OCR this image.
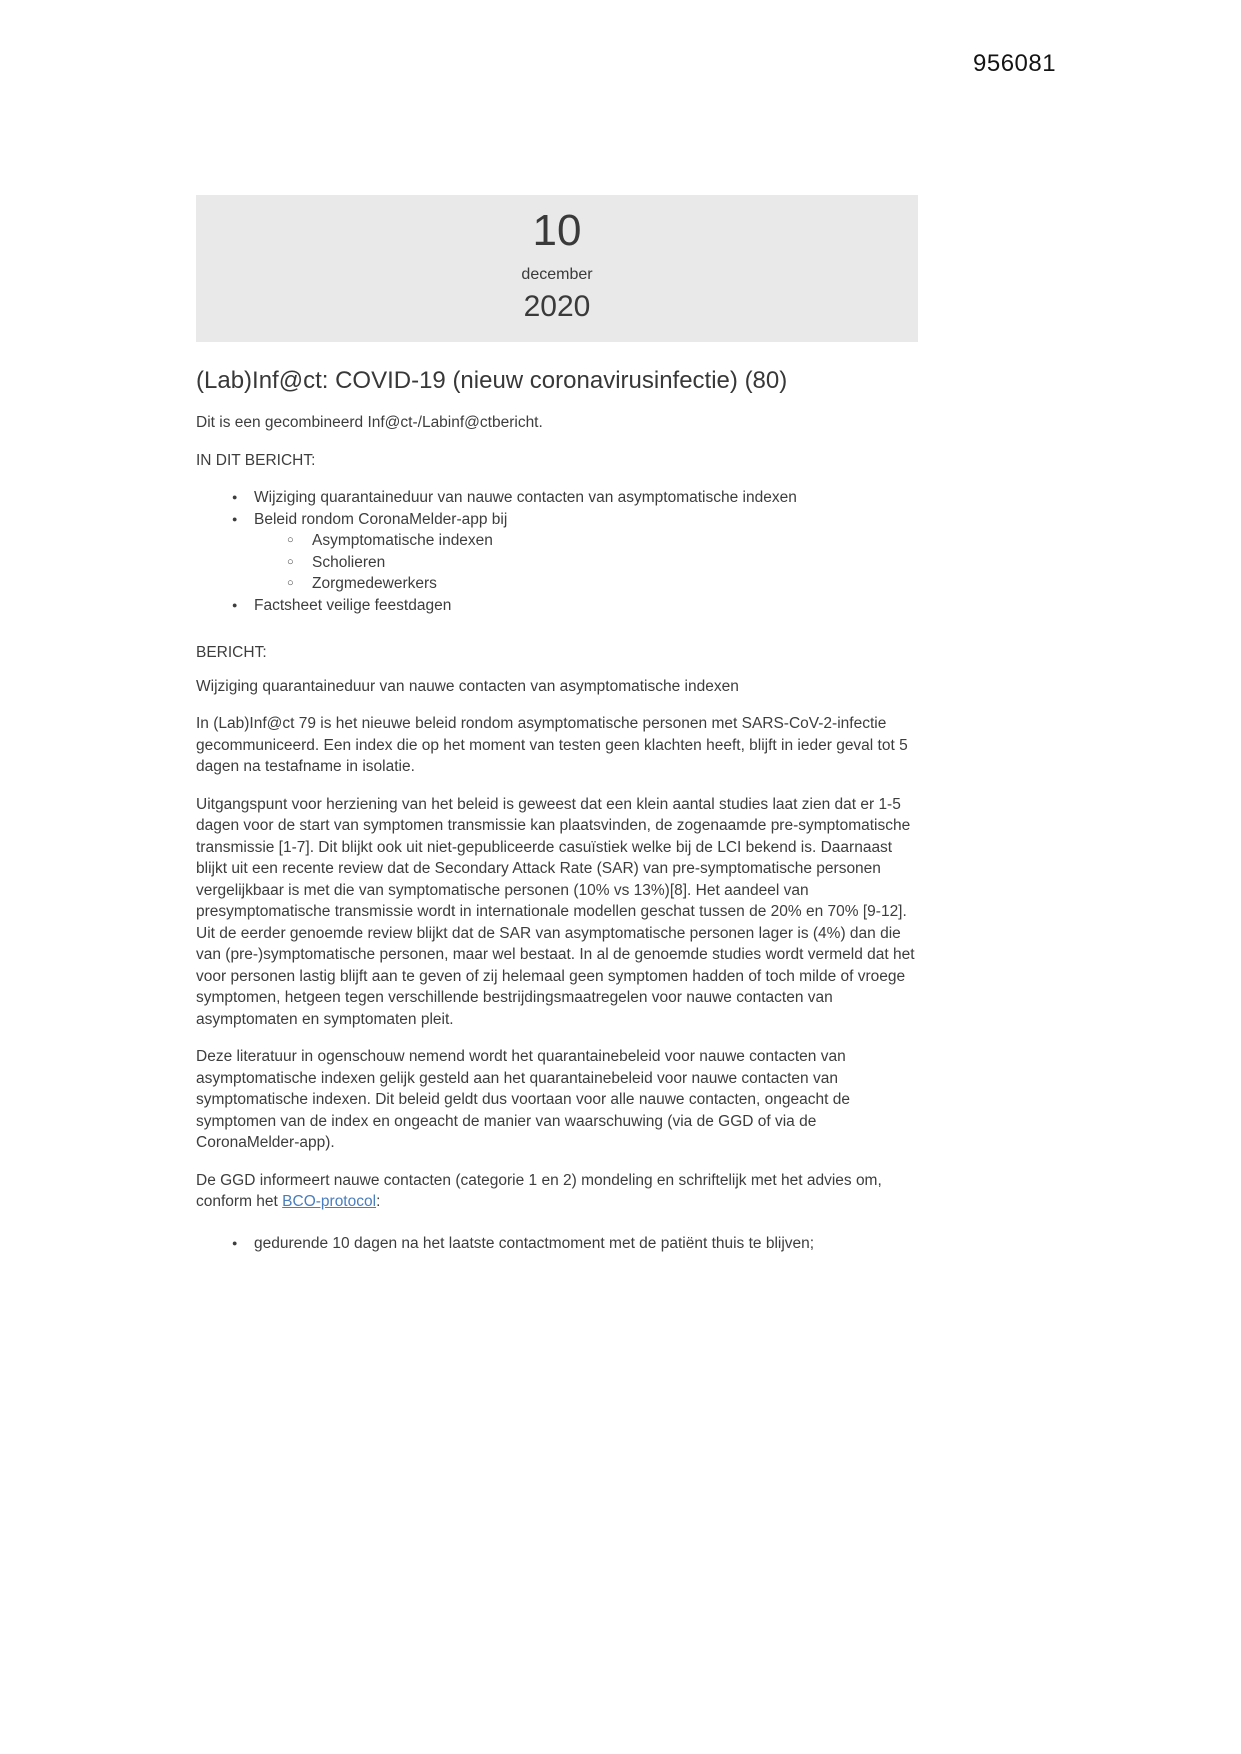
956081
10
december
2020
(Lab)Inf@ct: COVID-19 (nieuw coronavirusinfectie) (80)

Dit is een gecombineerd Inf@ct-/Labinf@ctbericht.

IN DIT BERICHT:

● Wijziging quarantaineduur van nauwe contacten van asymptomatische indexen
● Beleid rondom CoronaMelder-app bij
○ Asymptomatische indexen
○ Scholieren
○ Zorgmedewerkers
● Factsheet veilige feestdagen

BERICHT:

Wijziging quarantaineduur van nauwe contacten van asymptomatische indexen

In (Lab)Inf@ct 79 is het nieuwe beleid rondom asymptomatische personen met SARS-CoV-2-infectie gecommuniceerd. Een index die op het moment van testen geen klachten heeft, blijft in ieder geval tot 5 dagen na testafname in isolatie.

Uitgangspunt voor herziening van het beleid is geweest dat een klein aantal studies laat zien dat er 1-5 dagen voor de start van symptomen transmissie kan plaatsvinden, de zogenaamde pre-symptomatische transmissie [1-7]. Dit blijkt ook uit niet-gepubliceerde casuïstiek welke bij de LCI bekend is. Daarnaast blijkt uit een recente review dat de Secondary Attack Rate (SAR) van pre-symptomatische personen vergelijkbaar is met die van symptomatische personen (10% vs 13%)[8]. Het aandeel van presymptomatische transmissie wordt in internationale modellen geschat tussen de 20% en 70% [9-12]. Uit de eerder genoemde review blijkt dat de SAR van asymptomatische personen lager is (4%) dan die van (pre-)symptomatische personen, maar wel bestaat. In al de genoemde studies wordt vermeld dat het voor personen lastig blijft aan te geven of zij helemaal geen symptomen hadden of toch milde of vroege symptomen, hetgeen tegen verschillende bestrijdingsmaatregelen voor nauwe contacten van asymptomaten en symptomaten pleit.

Deze literatuur in ogenschouw nemend wordt het quarantainebeleid voor nauwe contacten van asymptomatische indexen gelijk gesteld aan het quarantainebeleid voor nauwe contacten van symptomatische indexen. Dit beleid geldt dus voortaan voor alle nauwe contacten, ongeacht de symptomen van de index en ongeacht de manier van waarschuwing (via de GGD of via de CoronaMelder-app).

De GGD informeert nauwe contacten (categorie 1 en 2) mondeling en schriftelijk met het advies om, conform het BCO-protocol:

● gedurende 10 dagen na het laatste contactmoment met de patiënt thuis te blijven;
